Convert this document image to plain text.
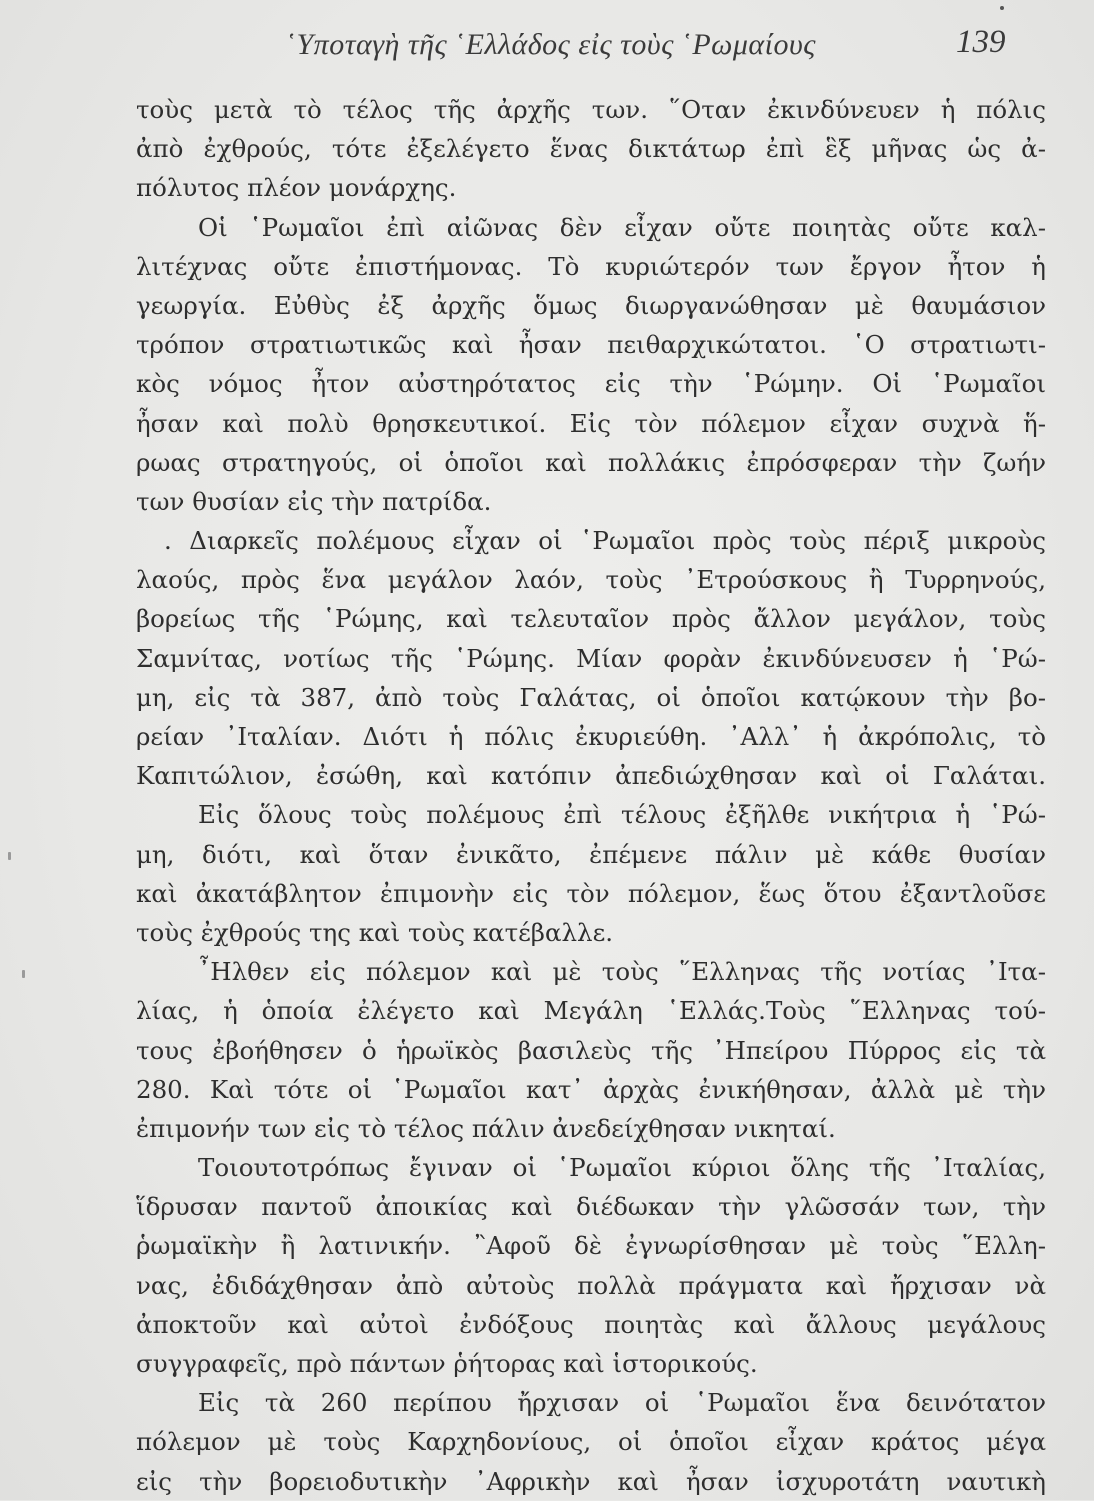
῾Υποταγὴ τῆς ῾Ελλάδος εἰς τοὺς ῾Ρωμαίους	139
τοὺς μετὰ τὸ τέλος τῆς ἀρχῆς των. ῞Οταν ἐκινδύνευεν ἡ πόλις
ἀπὸ ἐχθρούς, τότε ἐξελέγετο ἕνας δικτάτωρ ἐπὶ ἓξ μῆνας ὡς ἀ-
πόλυτος πλέον μονάρχης.
Οἱ ῾Ρωμαῖοι ἐπὶ αἰῶνας δὲν εἶχαν οὔτε ποιητὰς οὔτε καλ-
λιτέχνας οὔτε ἐπιστήμονας. Τὸ κυριώτερόν των ἔργον ἦτον ἡ
γεωργία. Εὐθὺς ἐξ ἀρχῆς ὅμως διωργανώθησαν μὲ θαυμάσιον
τρόπον στρατιωτικῶς καὶ ἦσαν πειθαρχικώτατοι. ῾Ο στρατιωτι-
κὸς νόμος ἦτον αὐστηρότατος εἰς τὴν ῾Ρώμην. Οἱ ῾Ρωμαῖοι
ἦσαν καὶ πολὺ θρησκευτικοί. Εἰς τὸν πόλεμον εἶχαν συχνὰ ἥ-
ρωας στρατηγούς, οἱ ὁποῖοι καὶ πολλάκις ἐπρόσφεραν τὴν ζωήν
των θυσίαν εἰς τὴν πατρίδα.
. Διαρκεῖς πολέμους εἶχαν οἱ ῾Ρωμαῖοι πρὸς τοὺς πέριξ μικροὺς
λαούς, πρὸς ἕνα μεγάλον λαόν, τοὺς ᾿Ετρούσκους ἢ Τυρρηνούς,
βορείως τῆς ῾Ρώμης, καὶ τελευταῖον πρὸς ἄλλον μεγάλον, τοὺς
Σαμνίτας, νοτίως τῆς ῾Ρώμης. Μίαν φορὰν ἐκινδύνευσεν ἡ ῾Ρώ-
μη, εἰς τὰ 387, ἀπὸ τοὺς Γαλάτας, οἱ ὁποῖοι κατῴκουν τὴν βο-
ρείαν ᾿Ιταλίαν. Διότι ἡ πόλις ἐκυριεύθη. ᾿Αλλ᾿ ἡ ἀκρόπολις, τὸ
Καπιτώλιον, ἐσώθη, καὶ κατόπιν ἀπεδιώχθησαν καὶ οἱ Γαλάται.
Εἰς ὅλους τοὺς πολέμους ἐπὶ τέλους ἐξῆλθε νικήτρια ἡ ῾Ρώ-
μη, διότι, καὶ ὅταν ἐνικᾶτο, ἐπέμενε πάλιν μὲ κάθε θυσίαν
καὶ ἀκατάβλητον ἐπιμονὴν εἰς τὸν πόλεμον, ἕως ὅτου ἐξαντλοῦσε
τοὺς ἐχθρούς της καὶ τοὺς κατέβαλλε.
῏Ηλθεν εἰς πόλεμον καὶ μὲ τοὺς ῞Ελληνας τῆς νοτίας ᾿Ιτα-
λίας, ἡ ὁποία ἐλέγετο καὶ Μεγάλη ῾Ελλάς.Τοὺς ῞Ελληνας τού-
τους ἐβοήθησεν ὁ ἡρωϊκὸς βασιλεὺς τῆς ᾿Ηπείρου Πύρρος εἰς τὰ
280. Καὶ τότε οἱ ῾Ρωμαῖοι κατ᾿ ἀρχὰς ἐνικήθησαν, ἀλλὰ μὲ τὴν
ἐπιμονήν των εἰς τὸ τέλος πάλιν ἀνεδείχθησαν νικηταί.
Τοιουτοτρόπως ἔγιναν οἱ ῾Ρωμαῖοι κύριοι ὅλης τῆς ᾿Ιταλίας,
ἵδρυσαν παντοῦ ἀποικίας καὶ διέδωκαν τὴν γλῶσσάν των, τὴν
ῥωμαϊκὴν ἢ λατινικήν. ῍Αφοῦ δὲ ἐγνωρίσθησαν μὲ τοὺς ῞Ελλη-
νας, ἐδιδάχθησαν ἀπὸ αὐτοὺς πολλὰ πράγματα καὶ ἤρχισαν νὰ
ἀποκτοῦν καὶ αὐτοὶ ἐνδόξους ποιητὰς καὶ ἄλλους μεγάλους
συγγραφεῖς, πρὸ πάντων ῥήτορας καὶ ἱστορικούς.
Εἰς τὰ 260 περίπου ἤρχισαν οἱ ῾Ρωμαῖοι ἕνα δεινότατον
πόλεμον μὲ τοὺς Καρχηδονίους, οἱ ὁποῖοι εἶχαν κράτος μέγα
εἰς τὴν βορειοδυτικὴν ᾿Αφρικὴν καὶ ἦσαν ἰσχυροτάτη ναυτικὴ
